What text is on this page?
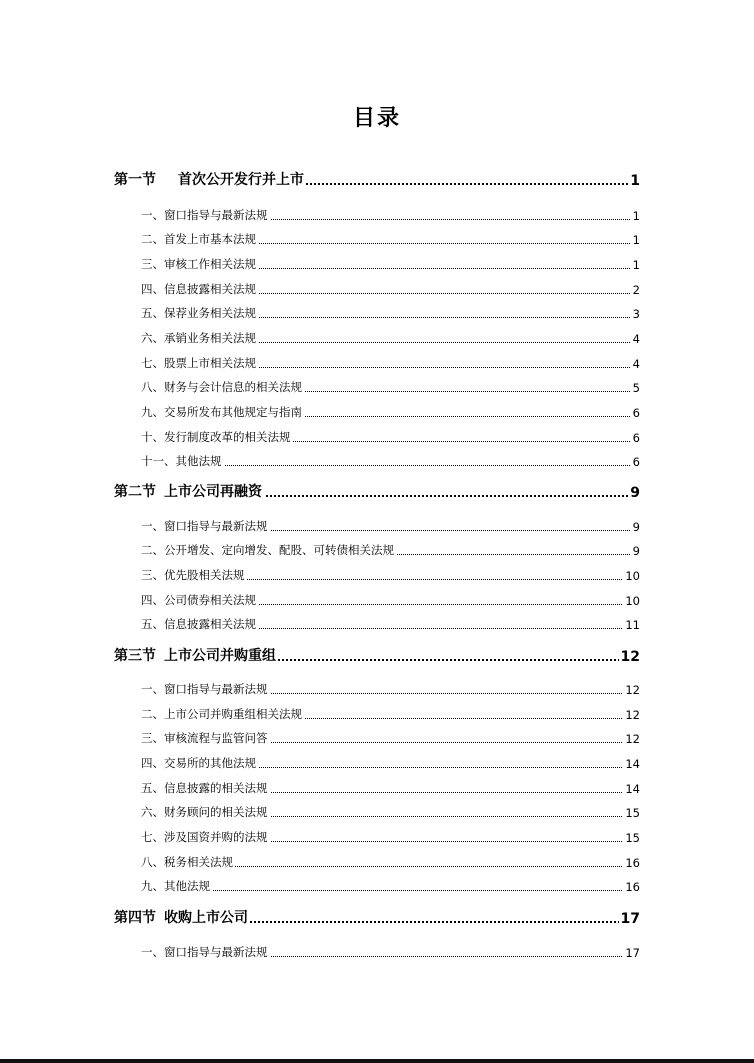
目录
第一节 首次公开发行并上市	1
一、窗口指导与最新法规	1
二、首发上市基本法规	1
三、审核工作相关法规	1
四、信息披露相关法规	2
五、保荐业务相关法规	3
六、承销业务相关法规	4
七、股票上市相关法规	4
八、财务与会计信息的相关法规	5
九、交易所发布其他规定与指南	6
十、发行制度改革的相关法规	6
十一、其他法规	6
第二节 上市公司再融资	9
一、窗口指导与最新法规	9
二、公开增发、定向增发、配股、可转债相关法规	9
三、优先股相关法规	10
四、公司债券相关法规	10
五、信息披露相关法规	11
第三节 上市公司并购重组	12
一、窗口指导与最新法规	12
二、上市公司并购重组相关法规	12
三、审核流程与监管问答	12
四、交易所的其他法规	14
五、信息披露的相关法规	14
六、财务顾问的相关法规	15
七、涉及国资并购的法规	15
八、税务相关法规	16
九、其他法规	16
第四节 收购上市公司	17
一、窗口指导与最新法规	17
